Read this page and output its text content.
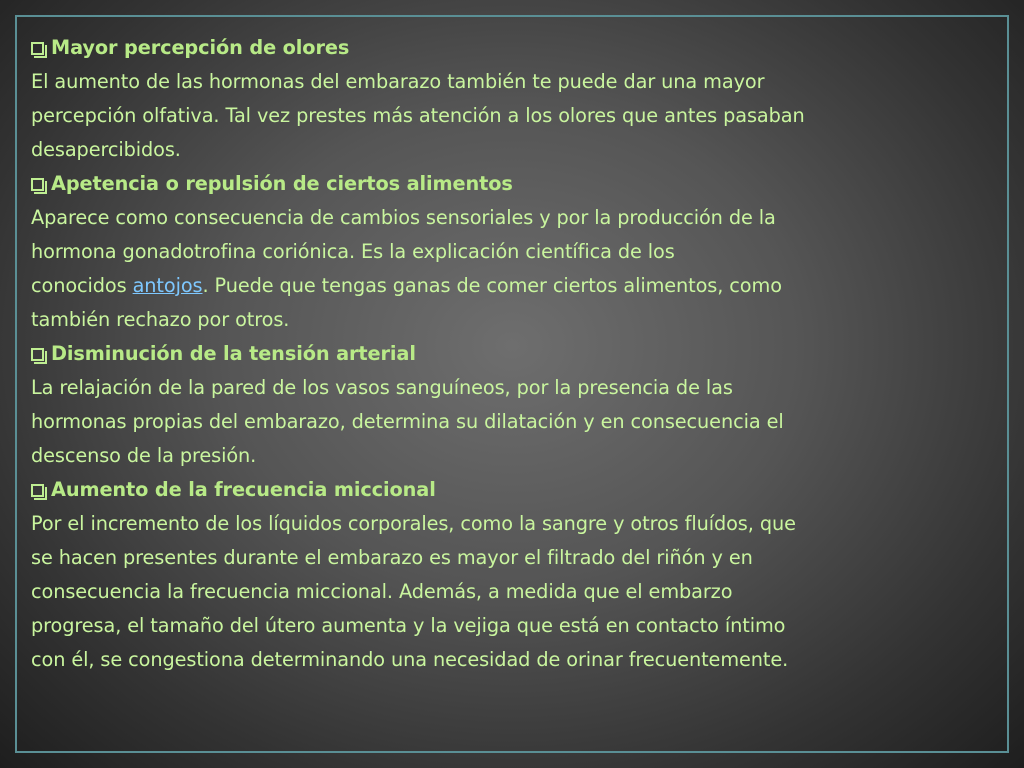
Mayor percepción de olores
El aumento de las hormonas del embarazo también te puede dar una mayor
percepción olfativa. Tal vez prestes más atención a los olores que antes pasaban
desapercibidos.
Apetencia o repulsión de ciertos alimentos
Aparece como consecuencia de cambios sensoriales y por la producción de la
hormona gonadotrofina coriónica. Es la explicación científica de los
conocidos antojos. Puede que tengas ganas de comer ciertos alimentos, como
también rechazo por otros.
Disminución de la tensión arterial
La relajación de la pared de los vasos sanguíneos, por la presencia de las
hormonas propias del embarazo, determina su dilatación y en consecuencia el
descenso de la presión.
Aumento de la frecuencia miccional
Por el incremento de los líquidos corporales, como la sangre y otros fluídos, que
se hacen presentes durante el embarazo es mayor el filtrado del riñón y en
consecuencia la frecuencia miccional. Además, a medida que el embarzo
progresa, el tamaño del útero aumenta y la vejiga que está en contacto íntimo
con él, se congestiona determinando una necesidad de orinar frecuentemente.
